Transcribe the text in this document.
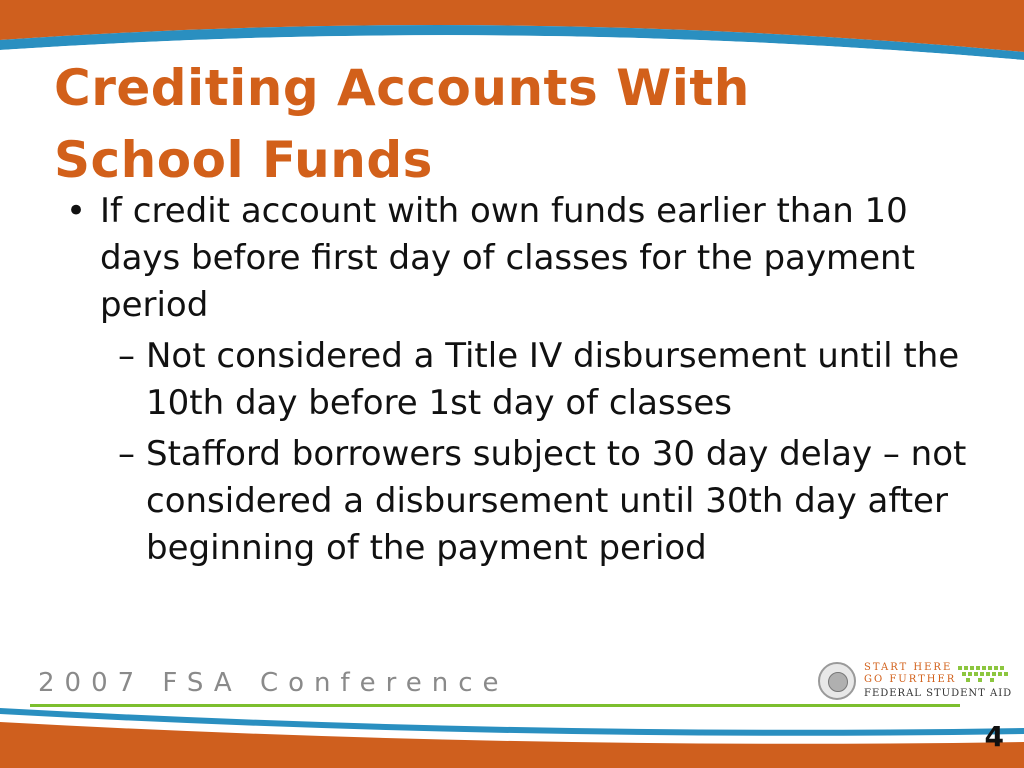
Crediting Accounts With
School Funds
• If credit account with own funds earlier than 10 days before first day of classes for the payment period
– Not considered a Title IV disbursement until the 10th day before 1st day of classes
– Stafford borrowers subject to 30 day delay – not considered a disbursement until 30th day after beginning of the payment period
2007 FSA Conference
START HERE
GO FURTHER
FEDERAL STUDENT AID
4
